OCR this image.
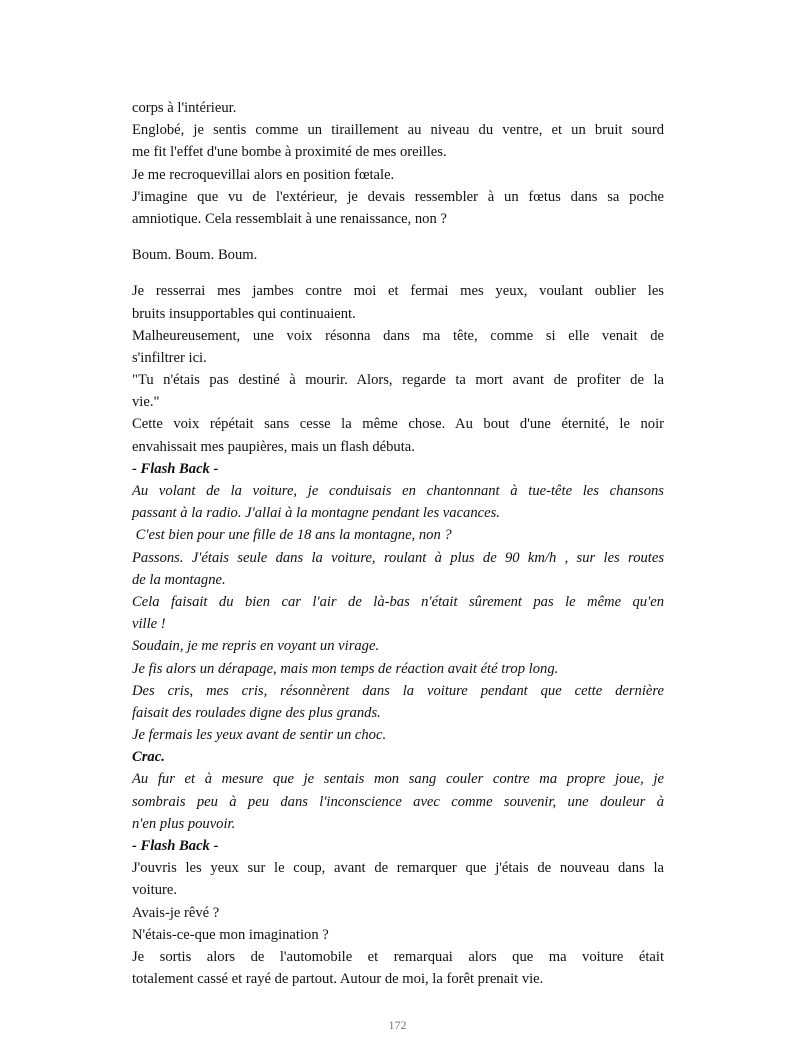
corps à l'intérieur.
Englobé, je sentis comme un tiraillement au niveau du ventre, et un bruit sourd
me fit l'effet d'une bombe à proximité de mes oreilles.
Je me recroquevillai alors en position fœtale.
J'imagine que vu de l'extérieur, je devais ressembler à un fœtus dans sa poche
amniotique. Cela ressemblait à une renaissance, non ?
Boum. Boum. Boum.
Je resserrai mes jambes contre moi et fermai mes yeux, voulant oublier les
bruits insupportables qui continuaient.
Malheureusement, une voix résonna dans ma tête, comme si elle venait de
s'infiltrer ici.
"Tu n'étais pas destiné à mourir. Alors, regarde ta mort avant de profiter de la
vie."
Cette voix répétait sans cesse la même chose. Au bout d'une éternité, le noir
envahissait mes paupières, mais un flash débuta.
- Flash Back -
Au volant de la voiture, je conduisais en chantonnant à tue-tête les chansons
passant à la radio. J'allai à la montagne pendant les vacances.
C'est bien pour une fille de 18 ans la montagne, non ?
Passons. J'étais seule dans la voiture, roulant à plus de 90 km/h , sur les routes
de la montagne.
Cela faisait du bien car l'air de là-bas n'était sûrement pas le même qu'en
ville !
Soudain, je me repris en voyant un virage.
Je fis alors un dérapage, mais mon temps de réaction avait été trop long.
Des cris, mes cris, résonnèrent dans la voiture pendant que cette dernière
faisait des roulades digne des plus grands.
Je fermais les yeux avant de sentir un choc.
Crac.
Au fur et à mesure que je sentais mon sang couler contre ma propre joue, je
sombrais peu à peu dans l'inconscience avec comme souvenir, une douleur à
n'en plus pouvoir.
- Flash Back -
J'ouvris les yeux sur le coup, avant de remarquer que j'étais de nouveau dans la
voiture.
Avais-je rêvé ?
N'étais-ce-que mon imagination ?
Je sortis alors de l'automobile et remarquai alors que ma voiture était
totalement cassé et rayé de partout. Autour de moi, la forêt prenait vie.
172
